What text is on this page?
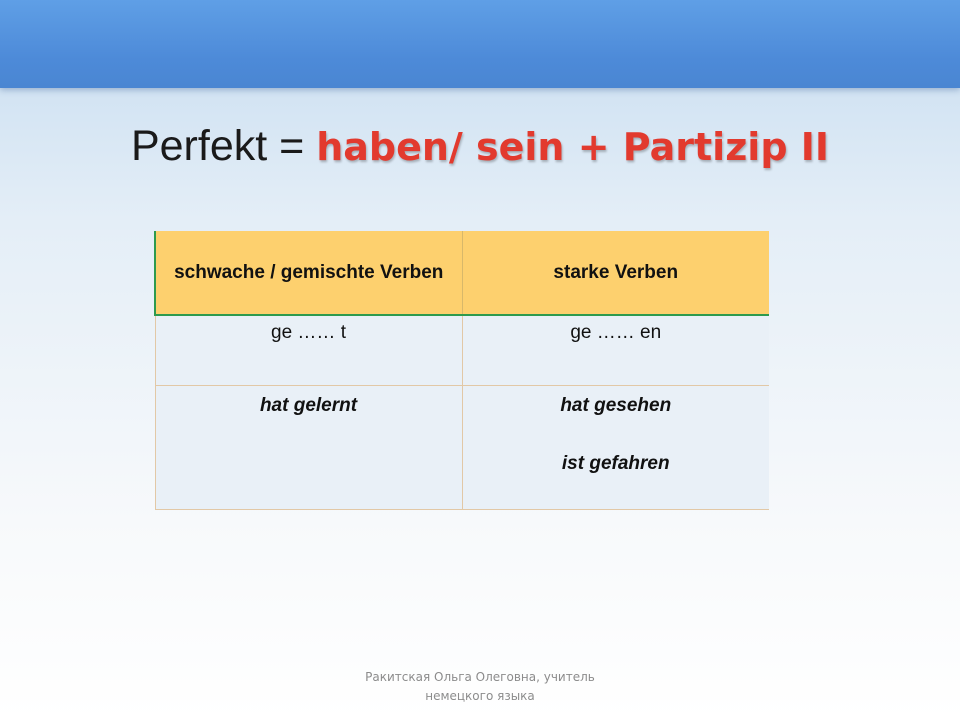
Perfekt = haben/ sein + Partizip II
schwache / gemischte Verben	starke Verben
ge …… t	ge …… en

hat gelernt	hat gesehen
ist gefahren
Ракитская Ольга Олеговна, учитель
немецкого языка
